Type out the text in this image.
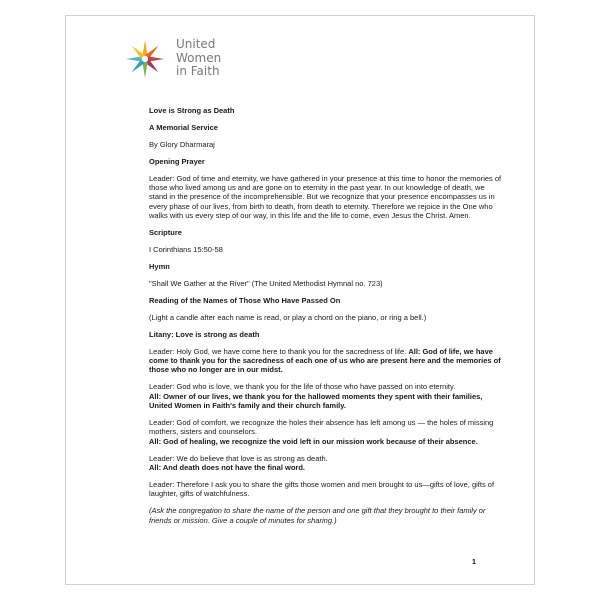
United
Women
in Faith

Love is Strong as Death

A Memorial Service

By Glory Dharmaraj

Opening Prayer

Leader: God of time and eternity, we have gathered in your presence at this time to honor the memories of those who lived among us and are gone on to eternity in the past year. In our knowledge of death, we stand in the presence of the incomprehensible. But we recognize that your presence encompasses us in every phase of our lives, from birth to death, from death to eternity. Therefore we rejoice in the One who walks with us every step of our way, in this life and the life to come, even Jesus the Christ. Amen.

Scripture

I Corinthians 15:50-58

Hymn

"Shall We Gather at the River" (The United Methodist Hymnal no. 723)

Reading of the Names of Those Who Have Passed On

(Light a candle after each name is read, or play a chord on the piano, or ring a bell.)

Litany: Love is strong as death

Leader: Holy God, we have come here to thank you for the sacredness of life. All: God of life, we have come to thank you for the sacredness of each one of us who are present here and the memories of those who no longer are in our midst.

Leader: God who is love, we thank you for the life of those who have passed on into eternity.
All: Owner of our lives, we thank you for the hallowed moments they spent with their families, United Women in Faith's family and their church family.

Leader: God of comfort, we recognize the holes their absence has left among us — the holes of missing mothers, sisters and counselors.
All: God of healing, we recognize the void left in our mission work because of their absence.

Leader: We do believe that love is as strong as death.
All: And death does not have the final word.

Leader: Therefore I ask you to share the gifts those women and men brought to us—gifts of love, gifts of laughter, gifts of watchfulness.

(Ask the congregation to share the name of the person and one gift that they brought to their family or friends or mission. Give a couple of minutes for sharing.)

1
